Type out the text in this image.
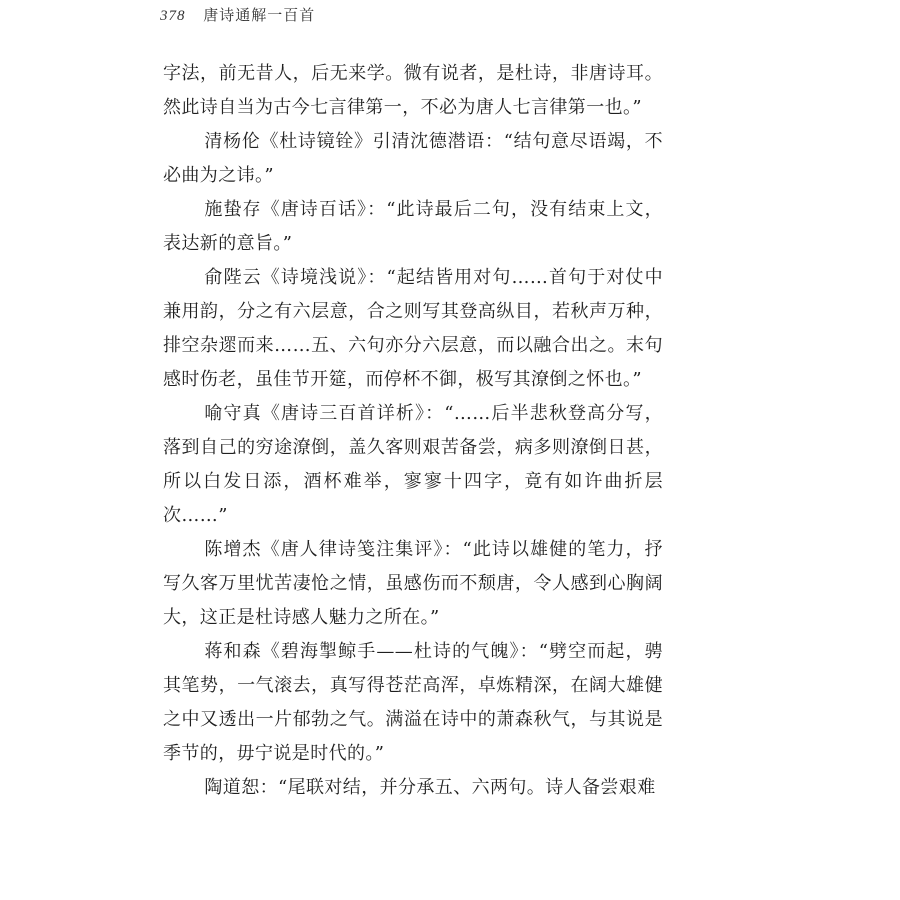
378 唐诗通解一百首

字法，前无昔人，后无来学。微有说者，是杜诗，非唐诗耳。然此诗自当为古今七言律第一，不必为唐人七言律第一也。”

清杨伦《杜诗镜铨》引清沈德潜语：“结句意尽语竭，不必曲为之讳。”

施蛰存《唐诗百话》：“此诗最后二句，没有结束上文，表达新的意旨。”

俞陛云《诗境浅说》：“起结皆用对句……首句于对仗中兼用韵，分之有六层意，合之则写其登高纵目，若秋声万种，排空杂遝而来……五、六句亦分六层意，而以融合出之。末句感时伤老，虽佳节开筵，而停杯不御，极写其潦倒之怀也。”

喻守真《唐诗三百首详析》：“……后半悲秋登高分写，落到自己的穷途潦倒，盖久客则艰苦备尝，病多则潦倒日甚，所以白发日添，酒杯难举，寥寥十四字，竟有如许曲折层次……”

陈增杰《唐人律诗笺注集评》：“此诗以雄健的笔力，抒写久客万里忧苦凄怆之情，虽感伤而不颓唐，令人感到心胸阔大，这正是杜诗感人魅力之所在。”

蒋和森《碧海掣鲸手——杜诗的气魄》：“劈空而起，骋其笔势，一气滚去，真写得苍茫高浑，卓炼精深，在阔大雄健之中又透出一片郁勃之气。满溢在诗中的萧森秋气，与其说是季节的，毋宁说是时代的。”

陶道恕：“尾联对结，并分承五、六两句。诗人备尝艰难
